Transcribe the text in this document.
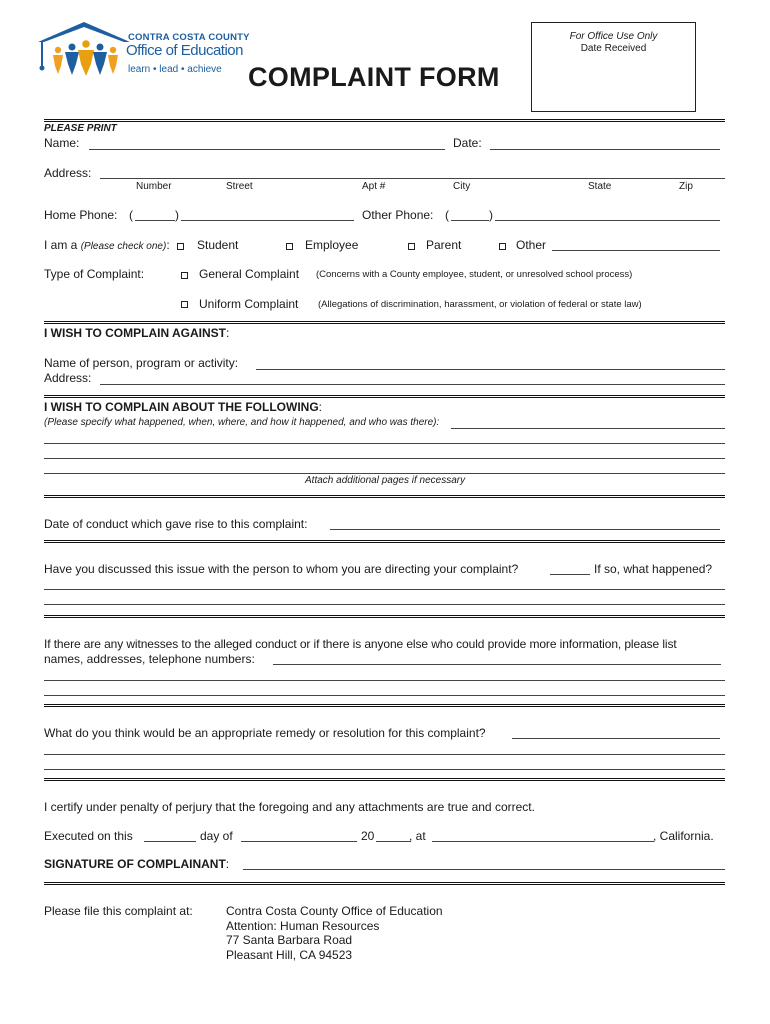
CONTRA COSTA COUNTY
Office of Education
learn • lead • achieve COMPLAINT FORM
For Office Use Only
Date Received
PLEASE PRINT
Name:	Date:
Address:
Number	Street	Apt #	City	State	Zip
Home Phone: (	)	Other Phone: (	)
I am a (Please check one): Student	Employee	Parent	Other
Type of Complaint:	General Complaint (Concerns with a County employee, student, or unresolved school process)
Uniform Complaint (Allegations of discrimination, harassment, or violation of federal or state law)
I WISH TO COMPLAIN AGAINST:
Name of person, program or activity:
Address:
I WISH TO COMPLAIN ABOUT THE FOLLOWING:
(Please specify what happened, when, where, and how it happened, and who was there):
Attach additional pages if necessary
Date of conduct which gave rise to this complaint:
Have you discussed this issue with the person to whom you are directing your complaint?	If so, what happened?
If there are any witnesses to the alleged conduct or if there is anyone else who could provide more information, please list
names, addresses, telephone numbers:
What do you think would be an appropriate remedy or resolution for this complaint?
I certify under penalty of perjury that the foregoing and any attachments are true and correct.
Executed on this	day of	20	, at	, California.
SIGNATURE OF COMPLAINANT:
Please file this complaint at:	Contra Costa County Office of Education
Attention: Human Resources
77 Santa Barbara Road
Pleasant Hill, CA 94523
